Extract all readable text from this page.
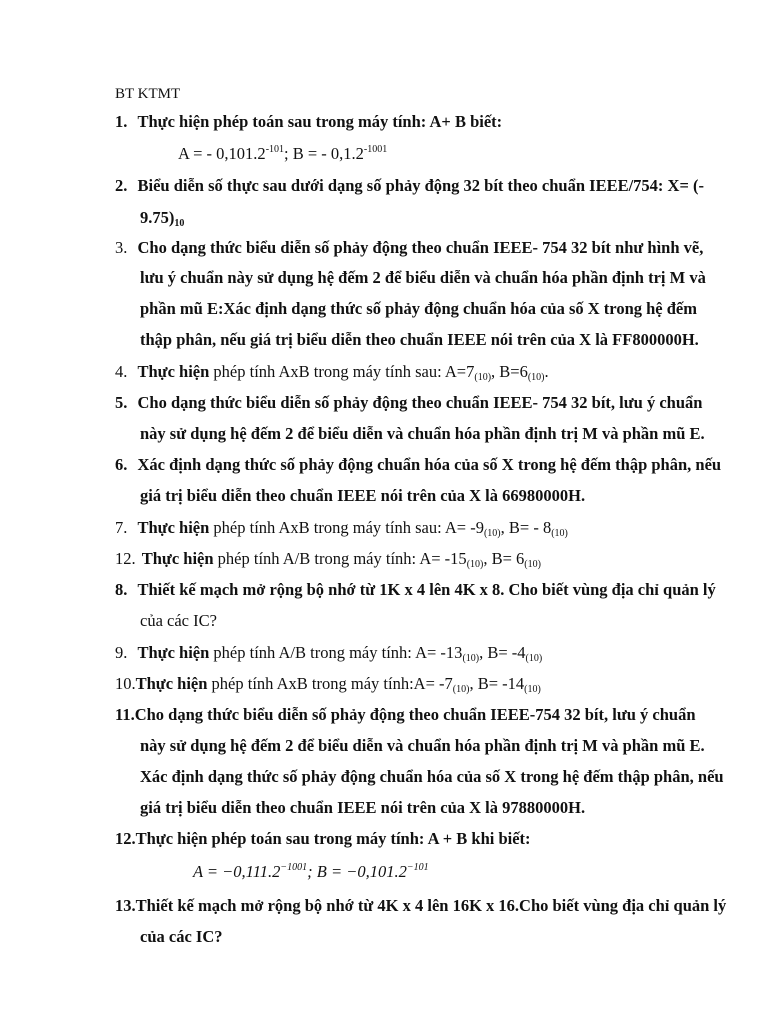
BT KTMT
1. Thực hiện phép toán sau trong máy tính: A+ B biết:
A = - $0,101.2^{-101}$; B = - $0,1.2^{-1001}$
2. Biểu diễn số thực sau dưới dạng số phảy động 32 bít theo chuẩn IEEE/754: X= (-
$9.75)_{10}$
3. Cho dạng thức biểu diễn số phảy động theo chuẩn IEEE- 754 32 bít như hình vẽ,
lưu ý chuẩn này sử dụng hệ đếm 2 để biểu diễn và chuẩn hóa phần định trị M và
phần mũ E:Xác định dạng thức số phảy động chuẩn hóa của số X trong hệ đếm
thập phân, nếu giá trị biểu diễn theo chuẩn IEEE nói trên của X là FF800000H.
4. Thực hiện phép tính AxB trong máy tính sau: $A=7_{(10)}$, $B=6_{(10)}$.
5. Cho dạng thức biểu diễn số phảy động theo chuẩn IEEE- 754 32 bít, lưu ý chuẩn
này sử dụng hệ đếm 2 để biểu diễn và chuẩn hóa phần định trị M và phần mũ E.
6. Xác định dạng thức số phảy động chuẩn hóa của số X trong hệ đếm thập phân, nếu
giá trị biểu diễn theo chuẩn IEEE nói trên của X là 66980000H.
7. Thực hiện phép tính AxB trong máy tính sau: $A= -9_{(10)}$, $B= - 8_{(10)}$
12. Thực hiện phép tính A/B trong máy tính: $A= -15_{(10)}$, $B= 6_{(10)}$
8. Thiết kế mạch mở rộng bộ nhớ từ 1K x 4 lên 4K x 8. Cho biết vùng địa chỉ quản lý
của các IC?
9. Thực hiện phép tính A/B trong máy tính: $A= -13_{(10)}$, $B= -4_{(10)}$
10.Thực hiện phép tính AxB trong máy tính:A= $-7_{(10)}$, $B= -14_{(10)}$
11.Cho dạng thức biểu diễn số phảy động theo chuẩn IEEE-754 32 bít, lưu ý chuẩn
này sử dụng hệ đếm 2 để biểu diễn và chuẩn hóa phần định trị M và phần mũ E.
Xác định dạng thức số phảy động chuẩn hóa của số X trong hệ đếm thập phân, nếu
giá trị biểu diễn theo chuẩn IEEE nói trên của X là 97880000H.
12.Thực hiện phép toán sau trong máy tính: A + B khi biết:
$A = -0,111.2^{-1001}$; $B = -0,101.2^{-101}$
13.Thiết kế mạch mở rộng bộ nhớ từ 4K x 4 lên 16K x 16.Cho biết vùng địa chỉ quản lý
của các IC?
